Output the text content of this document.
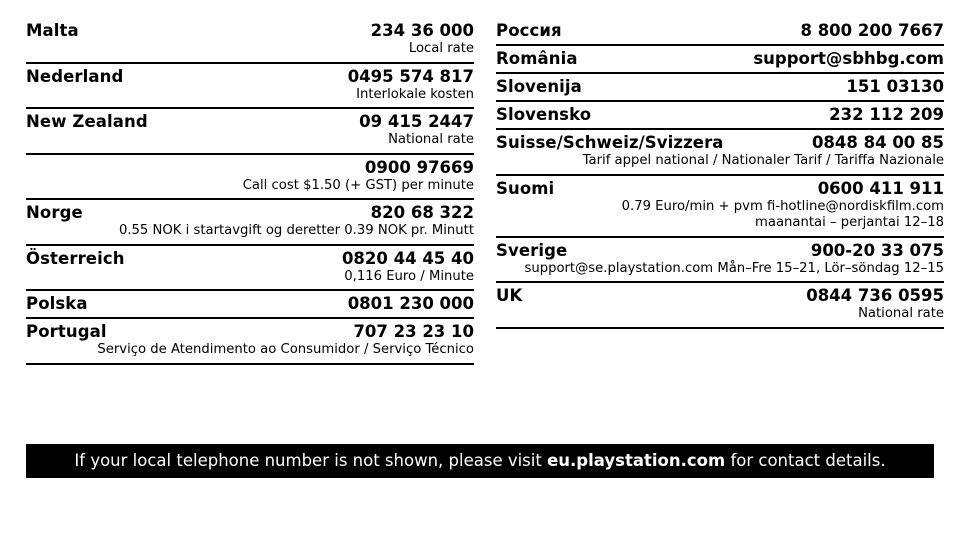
Malta	234 36 000
Local rate
Nederland	0495 574 817
Interlokale kosten
New Zealand	09 415 2447
National rate
0900 97669
Call cost $1.50 (+ GST) per minute
Norge	820 68 322
0.55 NOK i startavgift og deretter 0.39 NOK pr. Minutt
Österreich	0820 44 45 40
0,116 Euro / Minute
Polska	0801 230 000
Portugal	707 23 23 10
Serviço de Atendimento ao Consumidor / Serviço Técnico
Россия	8 800 200 7667
România	support@sbhbg.com
Slovenija	151 03130
Slovensko	232 112 209
Suisse/Schweiz/Svizzera	0848 84 00 85
Tarif appel national / Nationaler Tarif / Tariffa Nazionale
Suomi	0600 411 911
0.79 Euro/min + pvm fi-hotline@nordiskfilm.com
maanantai – perjantai 12–18
Sverige	900-20 33 075
support@se.playstation.com Mån–Fre 15–21, Lör–söndag 12–15
UK	0844 736 0595
National rate
If your local telephone number is not shown, please visit eu.playstation.com for contact details.
